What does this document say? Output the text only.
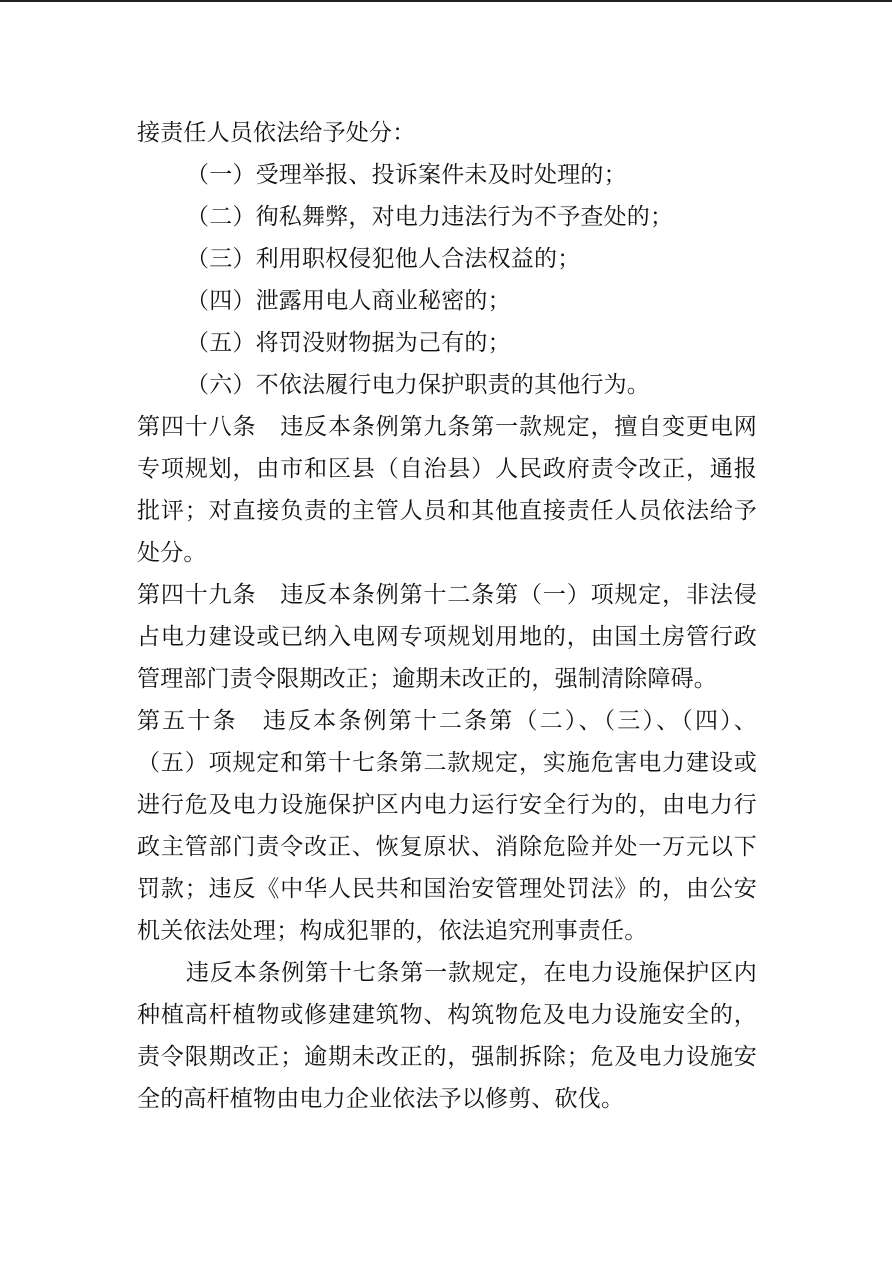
接责任人员依法给予处分：
（一）受理举报、投诉案件未及时处理的；
（二）徇私舞弊，对电力违法行为不予查处的；
（三）利用职权侵犯他人合法权益的；
（四）泄露用电人商业秘密的；
（五）将罚没财物据为己有的；
（六）不依法履行电力保护职责的其他行为。
第四十八条　违反本条例第九条第一款规定，擅自变更电网
专项规划，由市和区县（自治县）人民政府责令改正，通报
批评；对直接负责的主管人员和其他直接责任人员依法给予
处分。
第四十九条　违反本条例第十二条第（一）项规定，非法侵
占电力建设或已纳入电网专项规划用地的，由国土房管行政
管理部门责令限期改正；逾期未改正的，强制清除障碍。
第五十条　违反本条例第十二条第（二）、（三）、（四）、
（五）项规定和第十七条第二款规定，实施危害电力建设或
进行危及电力设施保护区内电力运行安全行为的，由电力行
政主管部门责令改正、恢复原状、消除危险并处一万元以下
罚款；违反《中华人民共和国治安管理处罚法》的，由公安
机关依法处理；构成犯罪的，依法追究刑事责任。
违反本条例第十七条第一款规定，在电力设施保护区内
种植高杆植物或修建建筑物、构筑物危及电力设施安全的，
责令限期改正；逾期未改正的，强制拆除；危及电力设施安
全的高杆植物由电力企业依法予以修剪、砍伐。
